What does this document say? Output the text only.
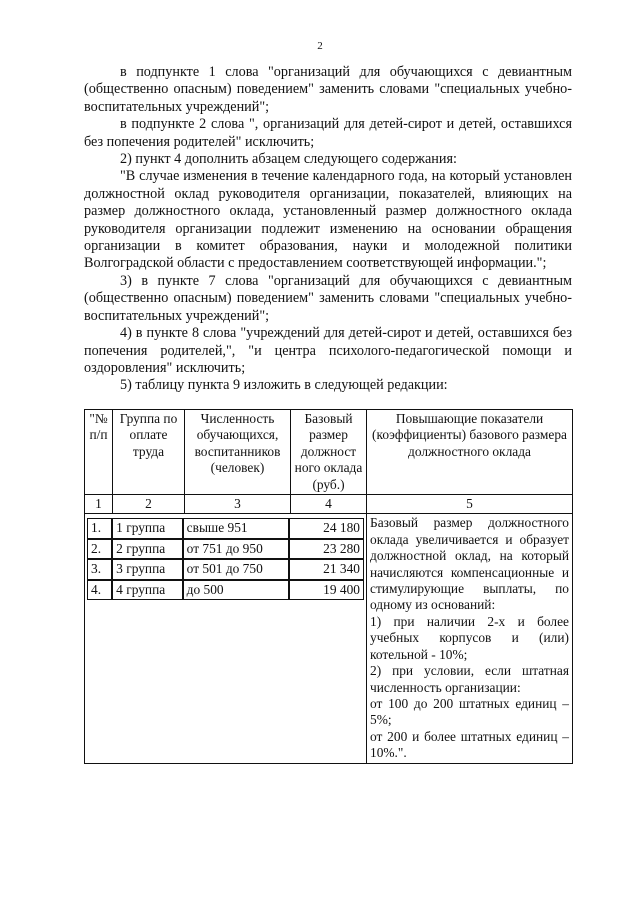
2

в подпункте 1 слова "организаций для обучающихся с девиантным (общественно опасным) поведением" заменить словами "специальных учебно-воспитательных учреждений";

в подпункте 2 слова ", организаций для детей-сирот и детей, оставшихся без попечения родителей" исключить;

2) пункт 4 дополнить абзацем следующего содержания:

"В случае изменения в течение календарного года, на который установлен должностной оклад руководителя организации, показателей, влияющих на размер должностного оклада, установленный размер должностного оклада руководителя организации подлежит изменению на основании обращения организации в комитет образования, науки и молодежной политики Волгоградской области с предоставлением соответствующей информации.";

3) в пункте 7 слова "организаций для обучающихся с девиантным (общественно опасным) поведением" заменить словами "специальных учебно-воспитательных учреждений";

4) в пункте 8 слова "учреждений для детей-сирот и детей, оставшихся без попечения родителей,", "и центра психолого-педагогической помощи и оздоровления" исключить;

5) таблицу пункта 9 изложить в следующей редакции:

"№ п/п	Группа по оплате труда	Численность обучающихся, воспитанников (человек)	Базовый размер должност ного оклада (руб.)	Повышающие показатели (коэффициенты) базового размера должностного оклада
1	2	3	4	5

1.	1 группа	свыше 951	24 180
2.	2 группа	от 751 до 950	23 280
3.	3 группа	от 501 до 750	21 340
4.	4 группа	до 500	19 400

Базовый размер должностного оклада увеличивается и образует должностной оклад, на который начисляются компенсационные и стимулирующие выплаты, по одному из оснований:
1) при наличии 2-х и более учебных корпусов и (или) котельной - 10%;
2) при условии, если штатная численность организации:
от 100 до 200 штатных единиц – 5%;
от 200 и более штатных единиц – 10%.".
